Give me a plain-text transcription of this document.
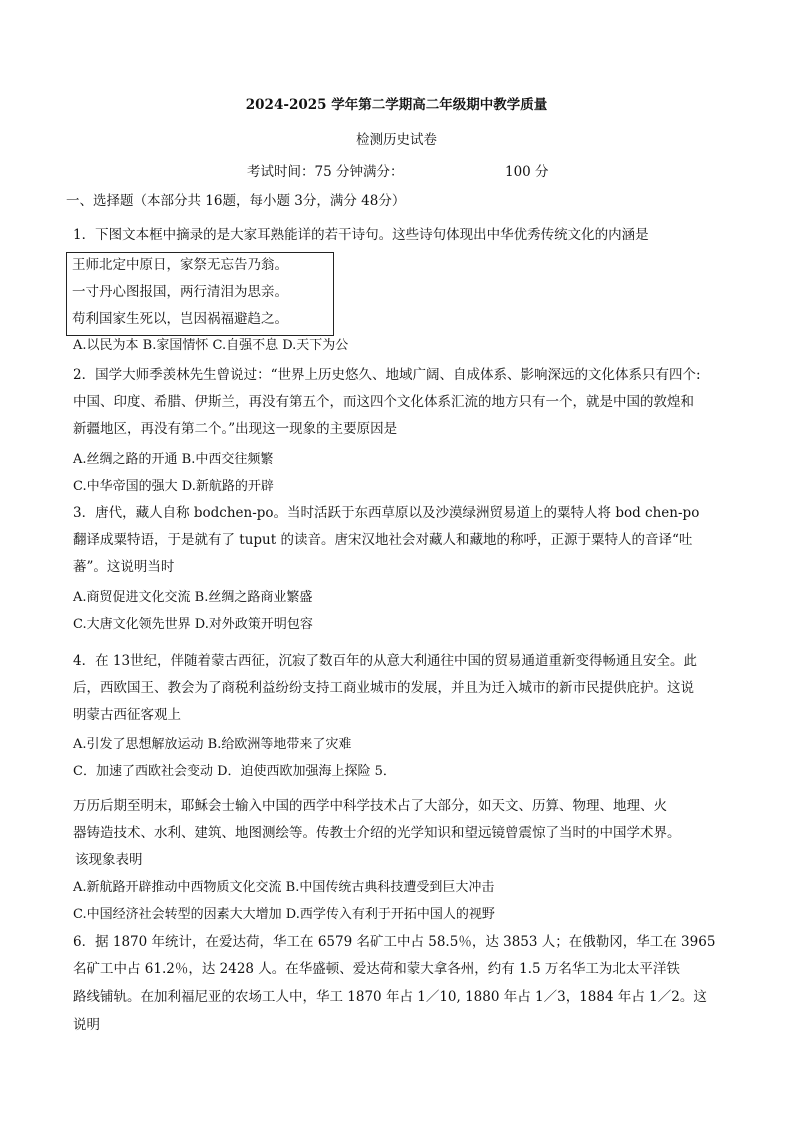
2024-2025 学年第二学期高二年级期中教学质量
检测历史试卷
考试时间：75 分钟满分：	100 分
一、选择题（本部分共 16题，每小题 3分，满分 48分）
1．下图文本框中摘录的是大家耳熟能详的若干诗句。这些诗句体现出中华优秀传统文化的内涵是
王师北定中原日，家祭无忘告乃翁。
一寸丹心图报国，两行清泪为思亲。
苟利国家生死以，岂因祸福避趋之。
A.以民为本 B.家国情怀 C.自强不息 D.天下为公
2．国学大师季羡林先生曾说过：“世界上历史悠久、地域广阔、自成体系、影响深远的文化体系只有四个:
中国、印度、希腊、伊斯兰，再没有第五个，而这四个文化体系汇流的地方只有一个，就是中国的敦煌和
新疆地区，再没有第二个。”出现这一现象的主要原因是
A.丝绸之路的开通 B.中西交往频繁
C.中华帝国的强大 D.新航路的开辟
3．唐代，藏人自称 bodchen-po。当时活跃于东西草原以及沙漠绿洲贸易道上的粟特人将 bod chen-po
翻译成粟特语，于是就有了 tuput 的读音。唐宋汉地社会对藏人和藏地的称呼，正源于粟特人的音译“吐
蕃”。这说明当时
A.商贸促进文化交流 B.丝绸之路商业繁盛
C.大唐文化领先世界 D.对外政策开明包容
4．在 13世纪，伴随着蒙古西征，沉寂了数百年的从意大利通往中国的贸易通道重新变得畅通且安全。此
后，西欧国王、教会为了商税利益纷纷支持工商业城市的发展，并且为迁入城市的新市民提供庇护。这说
明蒙古西征客观上
A.引发了思想解放运动 B.给欧洲等地带来了灾难
C．加速了西欧社会变动 D．迫使西欧加强海上探险 5．
万历后期至明末，耶稣会士输入中国的西学中科学技术占了大部分，如天文、历算、物理、地理、火
器铸造技术、水利、建筑、地图测绘等。传教士介绍的光学知识和望远镜曾震惊了当时的中国学术界。
该现象表明
A.新航路开辟推动中西物质文化交流 B.中国传统古典科技遭受到巨大冲击
C.中国经济社会转型的因素大大增加 D.西学传入有利于开拓中国人的视野
6．据 1870 年统计，在爱达荷，华工在 6579 名矿工中占 58.5％，达 3853 人；在俄勒冈，华工在 3965
名矿工中占 61.2％，达 2428 人。在华盛顿、爱达荷和蒙大拿各州，约有 1.5 万名华工为北太平洋铁
路线铺轨。在加利福尼亚的农场工人中，华工 1870 年占 1／10, 1880 年占 1／3，1884 年占 1／2。这
说明
